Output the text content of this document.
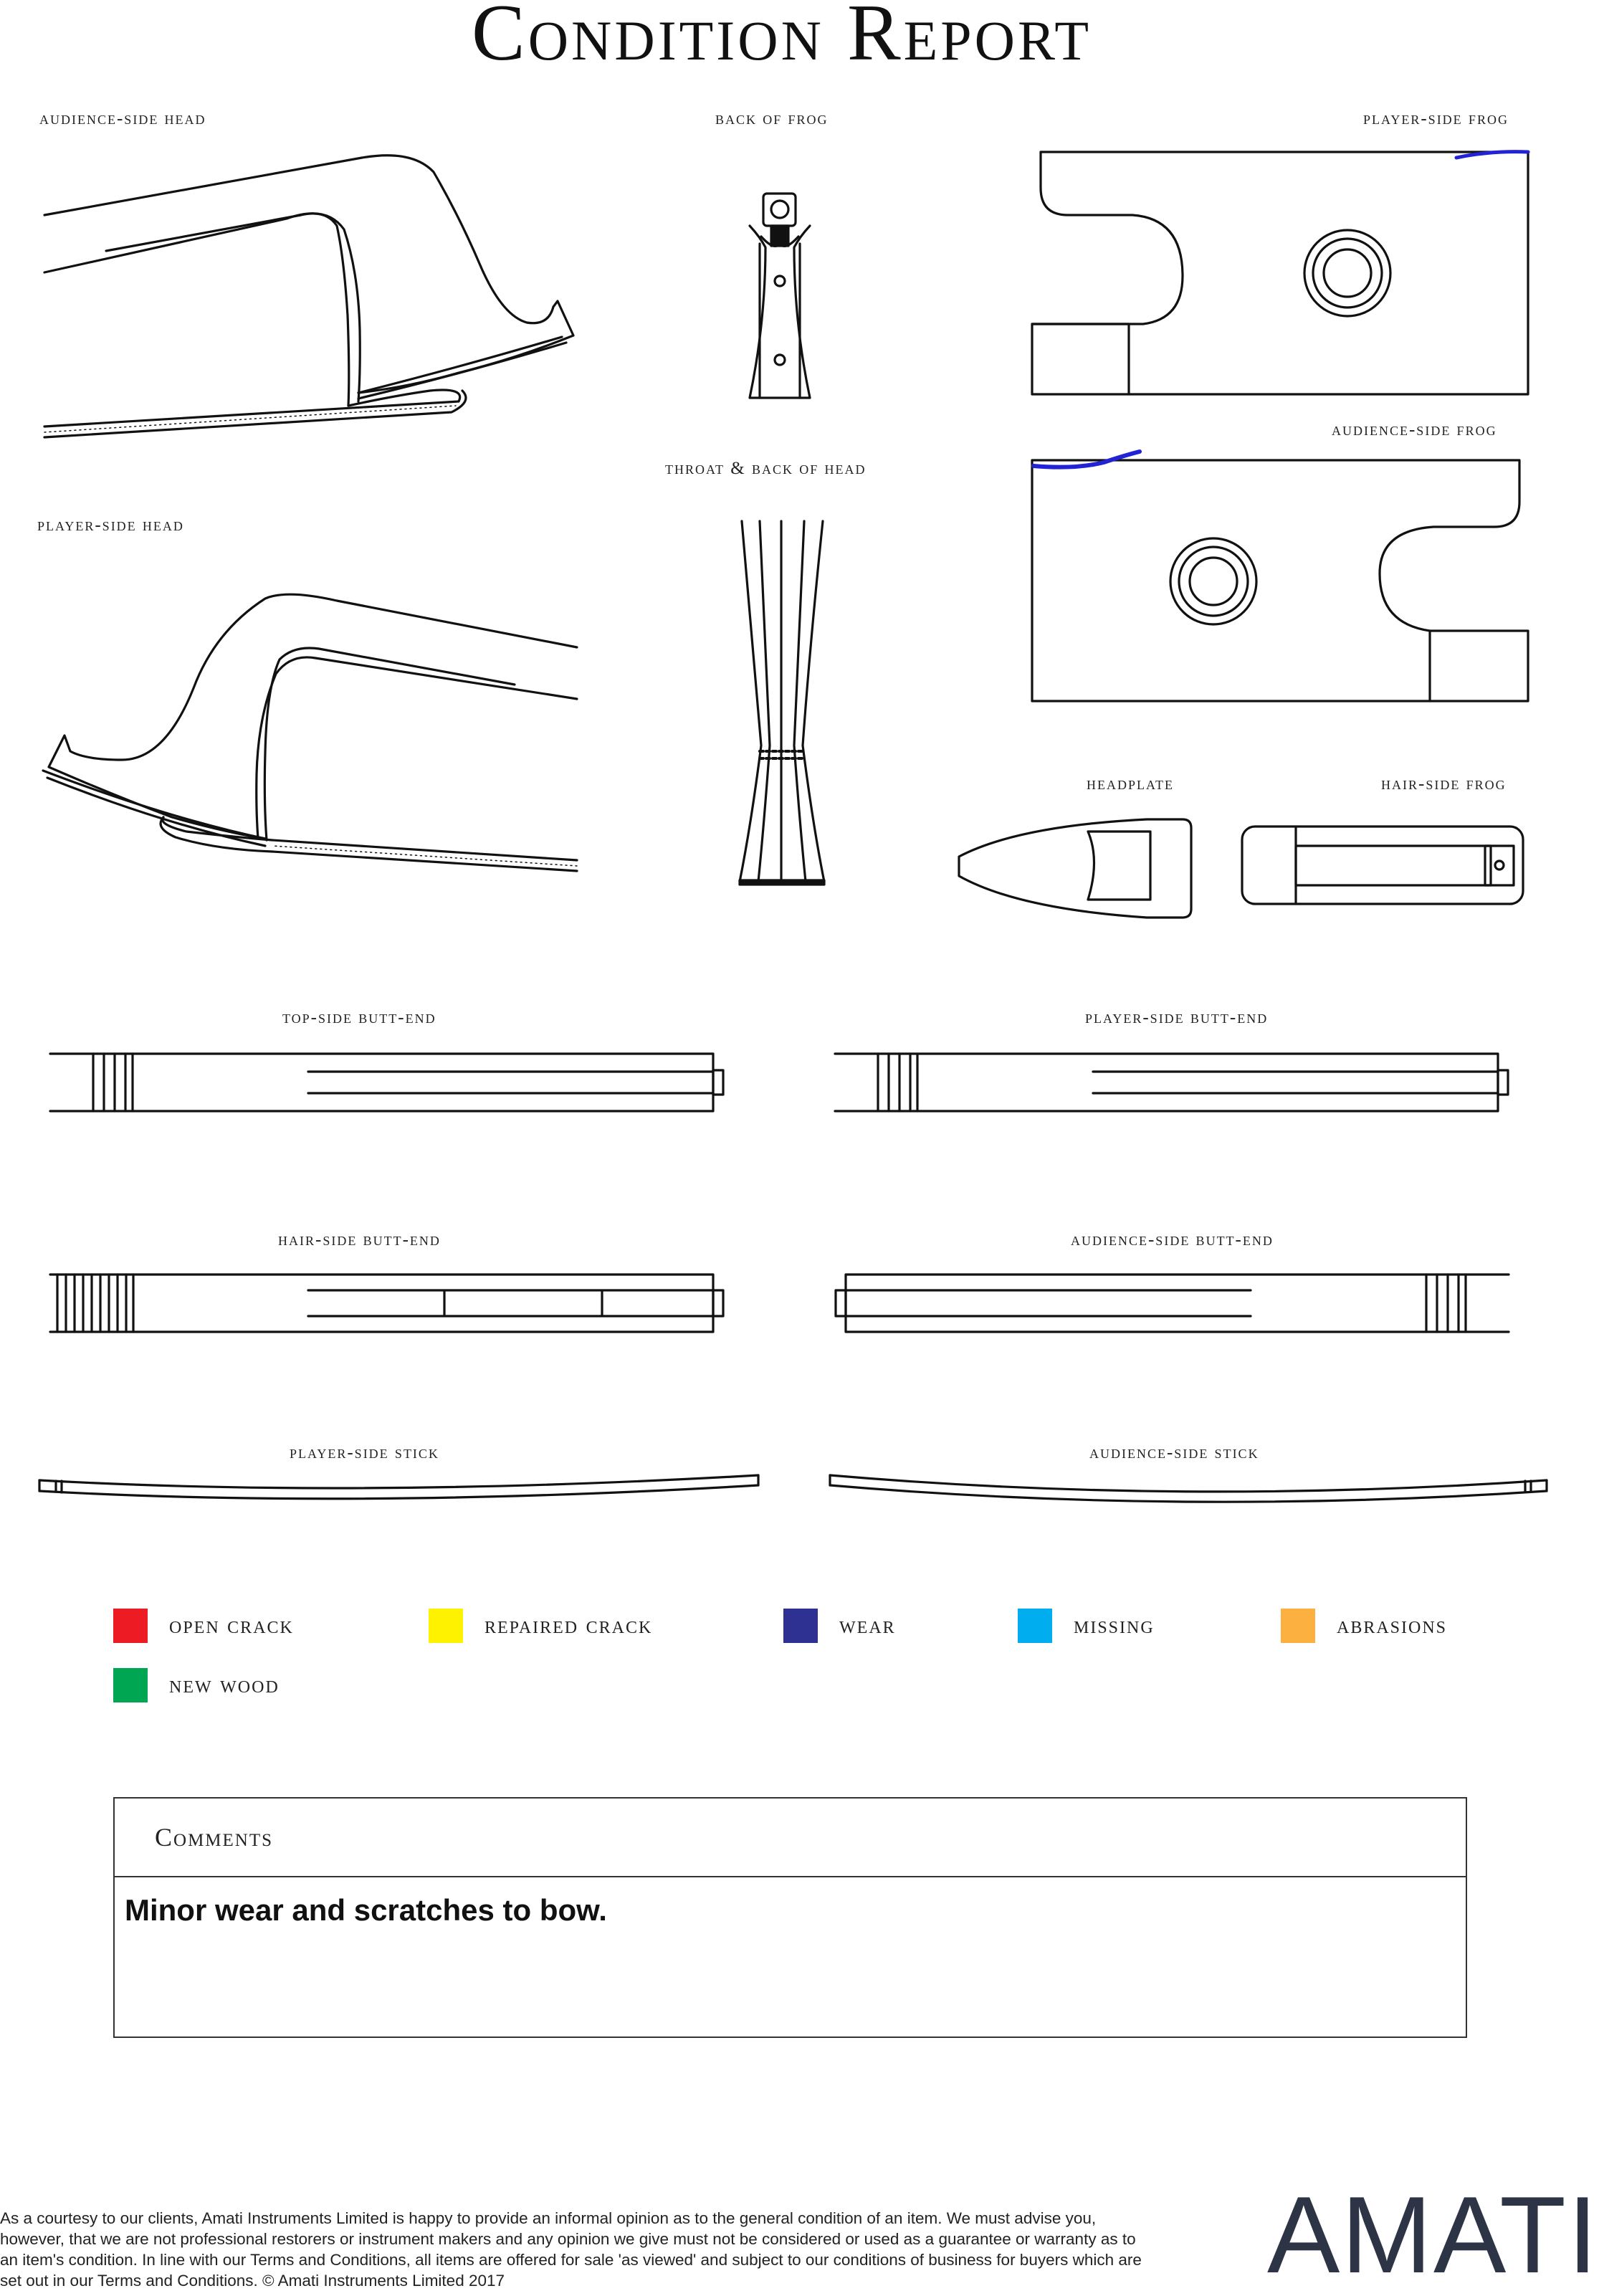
Condition Report
audience-side head	back of frog	player-side frog
audience-side frog
throat & back of head
player-side head
headplate	hair-side frog
top-side butt-end	player-side butt-end
hair-side butt-end	audience-side butt-end
player-side stick	audience-side stick
open crack	repaired crack	wear	missing	abrasions
new wood
Comments
Minor wear and scratches to bow.
As a courtesy to our clients, Amati Instruments Limited is happy to provide an informal opinion as to the general condition of an item. We must advise you, however, that we are not professional restorers or instrument makers and any opinion we give must not be considered or used as a guarantee or warranty as to an item's condition. In line with our Terms and Conditions, all items are offered for sale 'as viewed' and subject to our conditions of business for buyers which are set out in our Terms and Conditions. © Amati Instruments Limited 2017	AMATI
